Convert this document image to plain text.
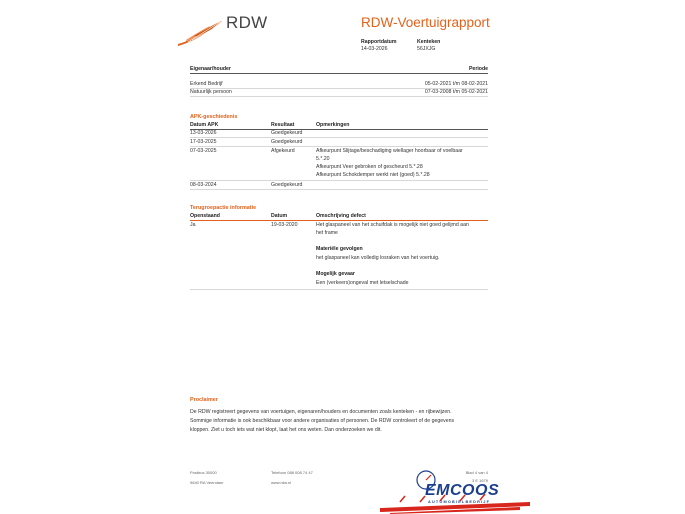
RDW	RDW-Voertuigrapport
Rapportdatum
14-03-2026
Kenteken
56JXJG
Eigenaar/houder	Periode
Erkend Bedrijf	05-02-2021 t/m 08-02-2021
Natuurlijk persoon	07-03-2008 t/m 05-02-2021
APK-geschiedenis
Datum APK	Resultaat	Opmerkingen
13-03-2026	Goedgekeurd
17-03-2025	Goedgekeurd
07-03-2025	Afgekeurd	Afkeurpunt Slijtage/beschadiging wiellager hoorbaar of voelbaar
5.*.20
Afkeurpunt Veer gebroken of gescheurd 5.*.28
Afkeurpunt Schokdemper werkt niet (goed) 5.*.28
08-03-2024	Goedgekeurd
Terugroepactie informatie
Openstaand	Datum	Omschrijving defect
Ja	19-03-2020	Het glaspaneel van het schuifdak is mogelijk niet goed gelijmd aan
het frame
Materiële gevolgen
het glaspaneel kan volledig losraken van het voertuig.
Mogelijk gevaar
Een (verkeers)ongeval met letselschade
Proclaimer
De RDW registreert gegevens van voertuigen, eigenaren/houders en documenten zoals kenteken - en rijbewijzen.
Sommige informatie is ook beschikbaar voor andere organisaties of personen. De RDW controleert of de gegevens
kloppen. Ziet u toch iets wat niet klopt, laat het ons weten. Dan onderzoeken we dit.
Postbus 30000
9640 RA Veendam
Telefoon 088 008 74 47
www.rdw.nl
Blad 4 van 4
3 E 1679
EMCOOS
AUTOMOBIELBEDRIJF
